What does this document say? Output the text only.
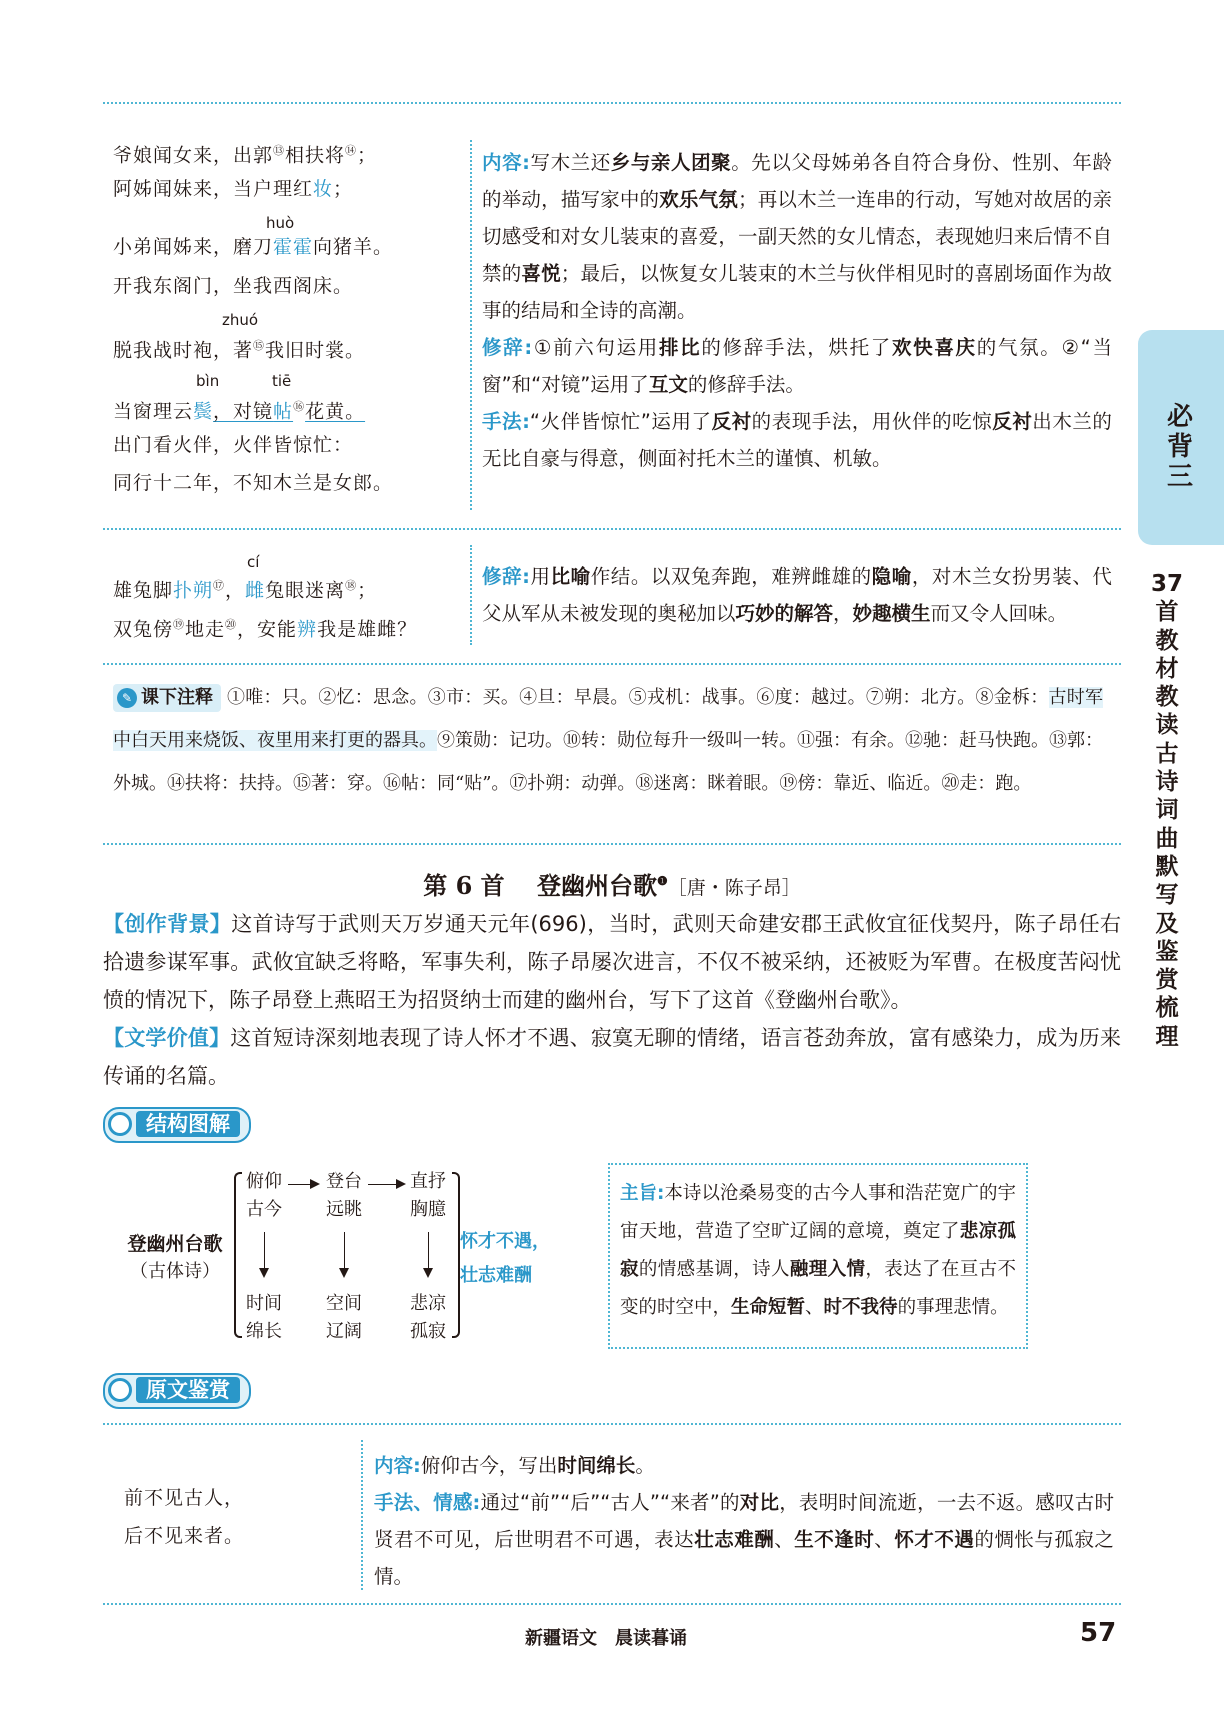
爷娘闻女来，出郭⑬相扶将⑭；
阿姊闻妹来，当户理红妆；
huò
小弟闻姊来，磨刀霍霍向猪羊。
开我东阁门，坐我西阁床。
zhuó
脱我战时袍，著⑮我旧时裳。
bìn	tiē
当窗理云鬓，对镜帖⑯花黄。
出门看火伴，火伴皆惊忙：
同行十二年，不知木兰是女郎。

内容:写木兰还乡与亲人团聚。先以父母姊弟各自符合身份、性别、年龄的举动，描写家中的欢乐气氛；再以木兰一连串的行动，写她对故居的亲切感受和对女儿装束的喜爱，一副天然的女儿情态，表现她归来后情不自禁的喜悦；最后，以恢复女儿装束的木兰与伙伴相见时的喜剧场面作为故事的结局和全诗的高潮。

修辞:①前六句运用排比的修辞手法，烘托了欢快喜庆的气氛。②“当窗”和“对镜”运用了互文的修辞手法。

手法:“火伴皆惊忙”运用了反衬的表现手法，用伙伴的吃惊反衬出木兰的无比自豪与得意，侧面衬托木兰的谨慎、机敏。

cí
雄兔脚扑朔⑰，雌兔眼迷离⑱；
双兔傍⑲地走⑳，安能辨我是雄雌？

修辞:用比喻作结。以双兔奔跑，难辨雌雄的隐喻，对木兰女扮男装、代父从军从未被发现的奥秘加以巧妙的解答，妙趣横生而又令人回味。

✎ 课下注释 ①唯：只。②忆：思念。③市：买。④旦：早晨。⑤戎机：战事。⑥度：越过。⑦朔：北方。⑧金柝：古时军中白天用来烧饭、夜里用来打更的器具。⑨策勋：记功。⑩转：勋位每升一级叫一转。⑪强：有余。⑫驰：赶马快跑。⑬郭：外城。⑭扶将：扶持。⑮著：穿。⑯帖：同“贴”。⑰扑朔：动弹。⑱迷离：眯着眼。⑲傍：靠近、临近。⑳走：跑。
第 6 首　 登幽州台歌$^❶$［唐・陈子昂］

【创作背景】这首诗写于武则天万岁通天元年(696)，当时，武则天命建安郡王武攸宜征伐契丹，陈子昂任右拾遗参谋军事。武攸宜缺乏将略，军事失利，陈子昂屡次进言，不仅不被采纳，还被贬为军曹。在极度苦闷忧愤的情况下，陈子昂登上燕昭王为招贤纳士而建的幽州台，写下了这首《登幽州台歌》。

【文学价值】这首短诗深刻地表现了诗人怀才不遇、寂寞无聊的情绪，语言苍劲奔放，富有感染力，成为历来传诵的名篇。

结构图解
登幽州台歌
（古体诗）
俯仰
古今
登台
远眺
直抒
胸臆
时间
绵长
空间
辽阔
悲凉
孤寂
怀才不遇，
壮志难酬
主旨:本诗以沧桑易变的古今人事和浩茫宽广的宇宙天地，营造了空旷辽阔的意境，奠定了悲凉孤寂的情感基调，诗人融理入情，表达了在亘古不变的时空中，生命短暂、时不我待的事理悲情。
原文鉴赏
前不见古人，
后不见来者。

内容:俯仰古今，写出时间绵长。

手法、情感:通过“前”“后”“古人”“来者”的对比，表明时间流逝，一去不返。感叹古时贤君不可见，后世明君不可遇，表达壮志难酬、生不逢时、怀才不遇的惆怅与孤寂之情。

必背三
37首教材教读古诗词曲默写及鉴赏梳理
新疆语文　晨读暮诵	57
